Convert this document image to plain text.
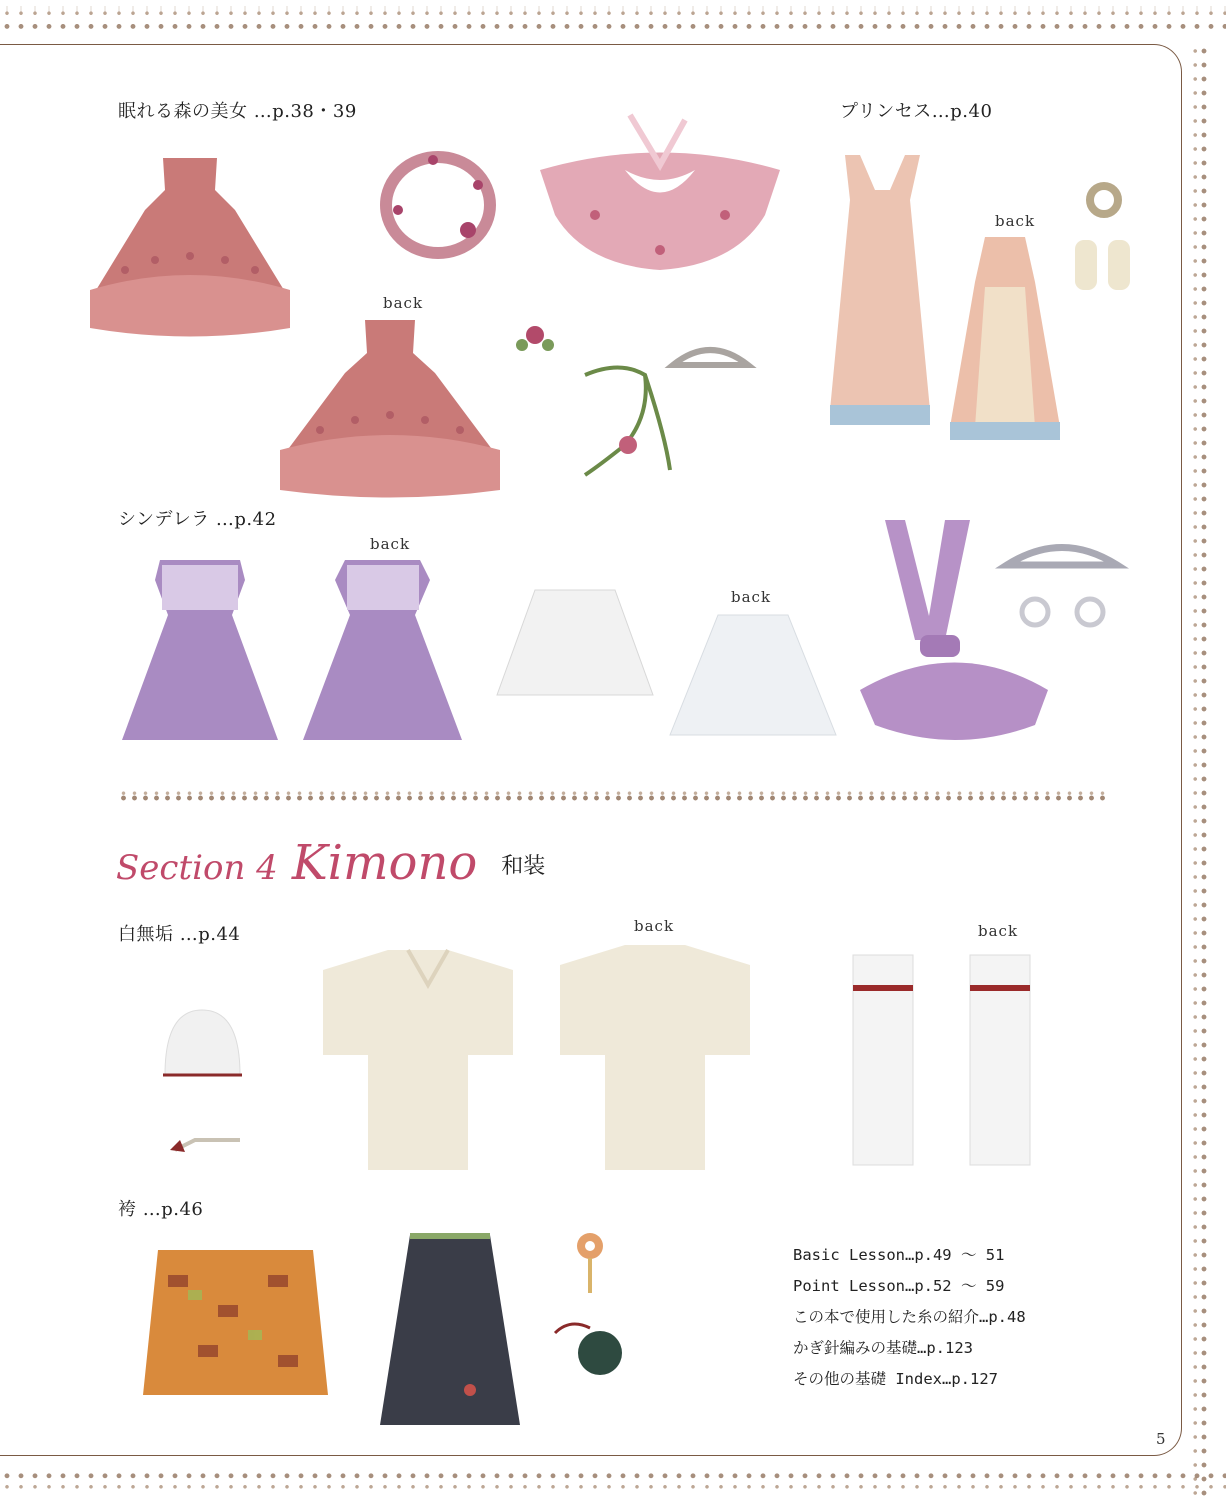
眠れる森の美女 …p.38・39
back
プリンセス…p.40
back
シンデレラ …p.42
back
back
Section 4 Kimono 和装
白無垢 …p.44	back	back
袴 …p.46
Basic Lesson…p.49 ～ 51
Point Lesson…p.52 ～ 59
この本で使用した糸の紹介…p.48
かぎ針編みの基礎…p.123
その他の基礎 Index…p.127
5
